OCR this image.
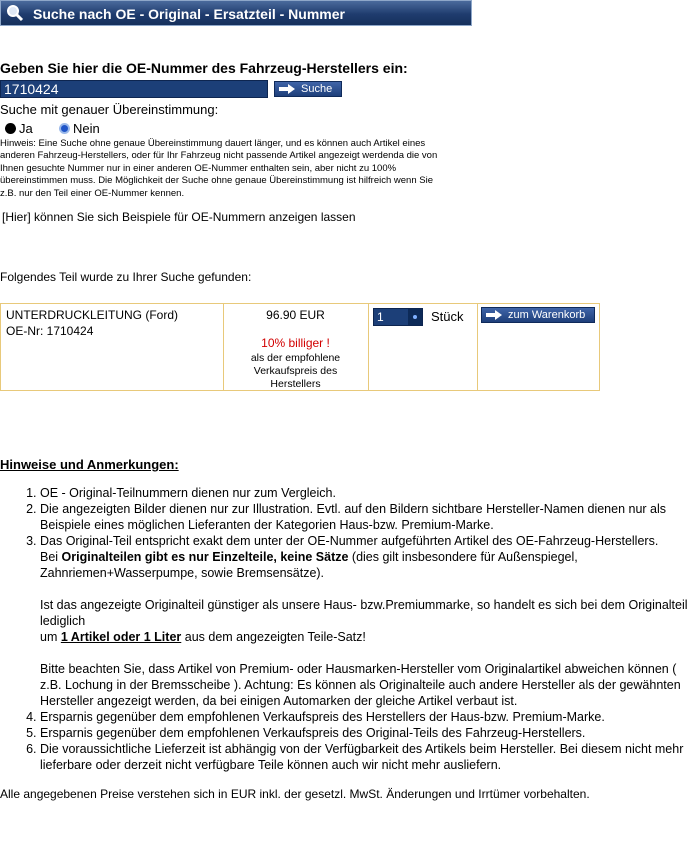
Suche nach OE - Original - Ersatzteil - Nummer
Geben Sie hier die OE-Nummer des Fahrzeug-Herstellers ein:
1710424
Suche
Suche mit genauer Übereinstimmung:
Ja	Nein
Hinweis: Eine Suche ohne genaue Übereinstimmung dauert länger, und es können auch Artikel eines anderen Fahrzeug-Herstellers, oder für Ihr Fahrzeug nicht passende Artikel angezeigt werdenda die von Ihnen gesuchte Nummer nur in einer anderen OE-Nummer enthalten sein, aber nicht zu 100% übereinstimmen muss. Die Möglichkeit der Suche ohne genaue Übereinstimmung ist hilfreich wenn Sie z.B. nur den Teil einer OE-Nummer kennen.
[Hier] können Sie sich Beispiele für OE-Nummern anzeigen lassen
Folgendes Teil wurde zu Ihrer Suche gefunden:
UNTERDRUCKLEITUNG (Ford)
OE-Nr: 1710424
96.90 EUR
10% billiger !
als der empfohlene Verkaufspreis des Herstellers
1	Stück	zum Warenkorb
Hinweise und Anmerkungen:
1. OE - Original-Teilnummern dienen nur zum Vergleich.
2. Die angezeigten Bilder dienen nur zur Illustration. Evtl. auf den Bildern sichtbare Hersteller-Namen dienen nur als Beispiele eines möglichen Lieferanten der Kategorien Haus-bzw. Premium-Marke.
3. Das Original-Teil entspricht exakt dem unter der OE-Nummer aufgeführten Artikel des OE-Fahrzeug-Herstellers.
Bei Originalteilen gibt es nur Einzelteile, keine Sätze (dies gilt insbesondere für Außenspiegel, Zahnriemen+Wasserpumpe, sowie Bremsensätze).

Ist das angezeigte Originalteil günstiger als unsere Haus- bzw.Premiummarke, so handelt es sich bei dem Originalteil lediglich
um 1 Artikel oder 1 Liter aus dem angezeigten Teile-Satz!

Bitte beachten Sie, dass Artikel von Premium- oder Hausmarken-Hersteller vom Originalartikel abweichen können ( z.B. Lochung in der Bremsscheibe ). Achtung: Es können als Originalteile auch andere Hersteller als der gewähnten Hersteller angezeigt werden, da bei einigen Automarken der gleiche Artikel verbaut ist.
4. Ersparnis gegenüber dem empfohlenen Verkaufspreis des Herstellers der Haus-bzw. Premium-Marke.
5. Ersparnis gegenüber dem empfohlenen Verkaufspreis des Original-Teils des Fahrzeug-Herstellers.
6. Die voraussichtliche Lieferzeit ist abhängig von der Verfügbarkeit des Artikels beim Hersteller. Bei diesem nicht mehr lieferbare oder derzeit nicht verfügbare Teile können auch wir nicht mehr ausliefern.
Alle angegebenen Preise verstehen sich in EUR inkl. der gesetzl. MwSt. Änderungen und Irrtümer vorbehalten.
